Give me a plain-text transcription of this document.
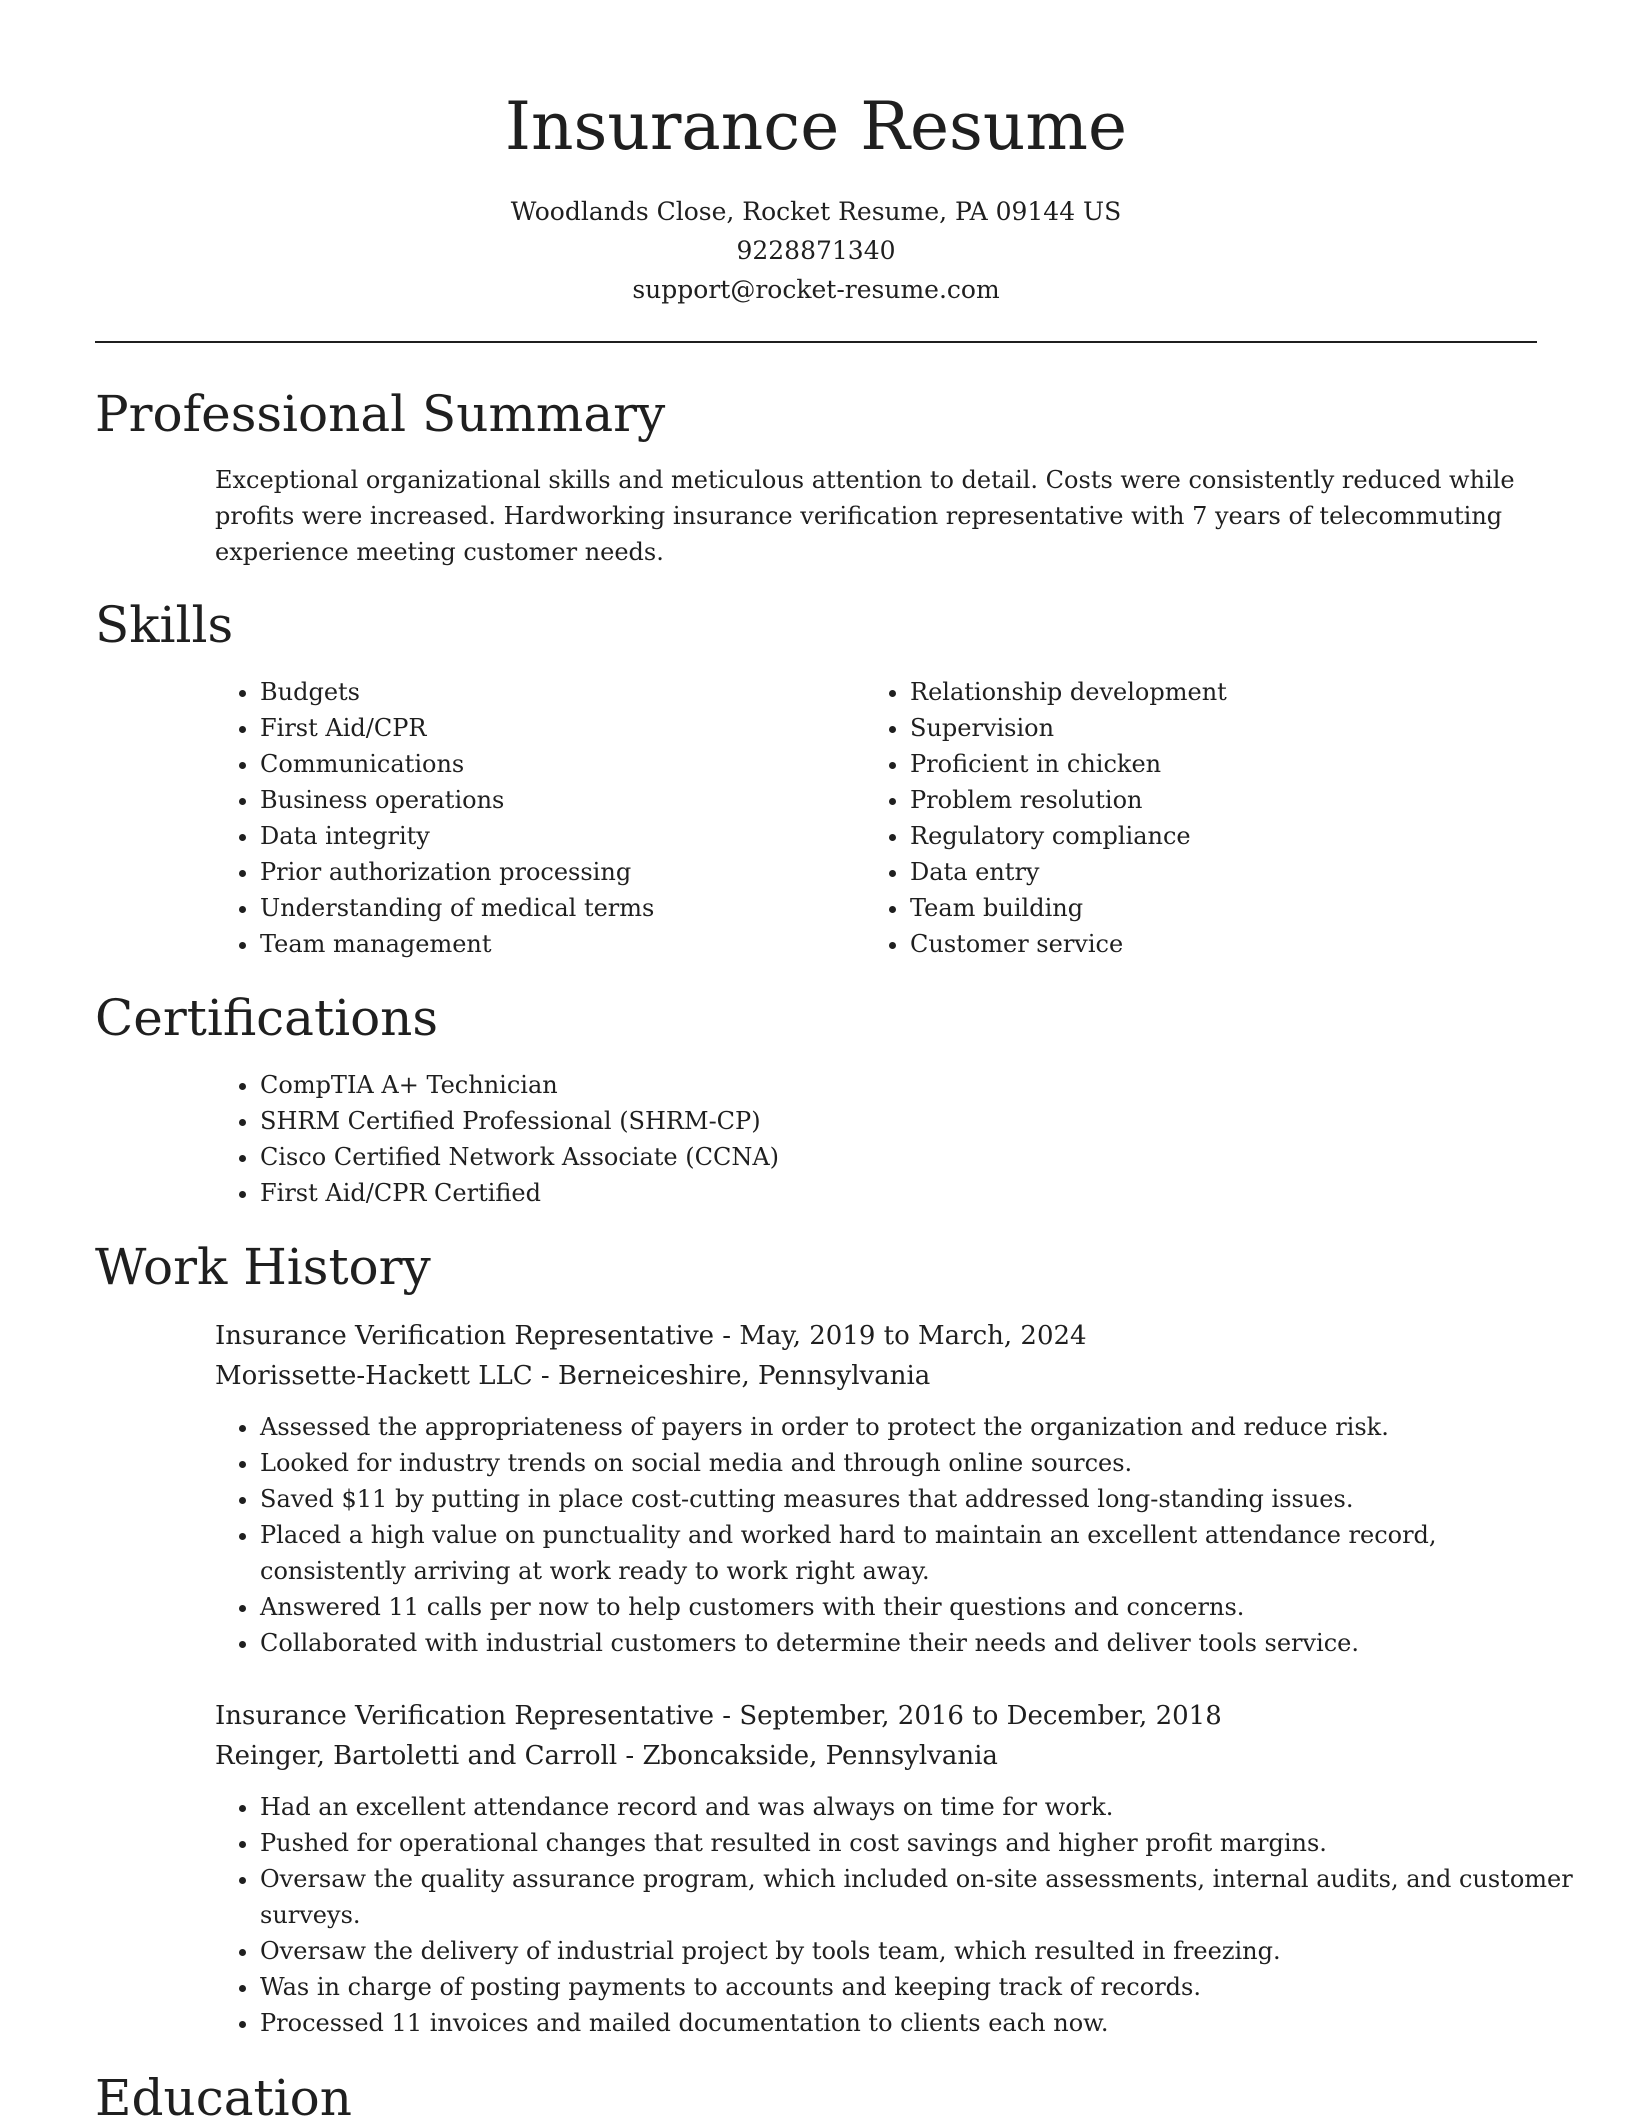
Insurance Resume
Woodlands Close, Rocket Resume, PA 09144 US
9228871340
support@rocket-resume.com
Professional Summary

Exceptional organizational skills and meticulous attention to detail. Costs were consistently reduced while profits were increased. Hardworking insurance verification representative with 7 years of telecommuting experience meeting customer needs.

Skills
• Budgets
• First Aid/CPR
• Communications
• Business operations
• Data integrity
• Prior authorization processing
• Understanding of medical terms
• Team management
• Relationship development
• Supervision
• Proficient in chicken
• Problem resolution
• Regulatory compliance
• Data entry
• Team building
• Customer service
Certifications
• CompTIA A+ Technician
• SHRM Certified Professional (SHRM-CP)
• Cisco Certified Network Associate (CCNA)
• First Aid/CPR Certified
Work History
Insurance Verification Representative - May, 2019 to March, 2024
Morissette-Hackett LLC - Berneiceshire, Pennsylvania
• Assessed the appropriateness of payers in order to protect the organization and reduce risk.
• Looked for industry trends on social media and through online sources.
• Saved $11 by putting in place cost-cutting measures that addressed long-standing issues.
• Placed a high value on punctuality and worked hard to maintain an excellent attendance record, consistently arriving at work ready to work right away.
• Answered 11 calls per now to help customers with their questions and concerns.
• Collaborated with industrial customers to determine their needs and deliver tools service.
Insurance Verification Representative - September, 2016 to December, 2018
Reinger, Bartoletti and Carroll - Zboncakside, Pennsylvania
• Had an excellent attendance record and was always on time for work.
• Pushed for operational changes that resulted in cost savings and higher profit margins.
• Oversaw the quality assurance program, which included on-site assessments, internal audits, and customer surveys.
• Oversaw the delivery of industrial project by tools team, which resulted in freezing.
• Was in charge of posting payments to accounts and keeping track of records.
• Processed 11 invoices and mailed documentation to clients each now.
Education
